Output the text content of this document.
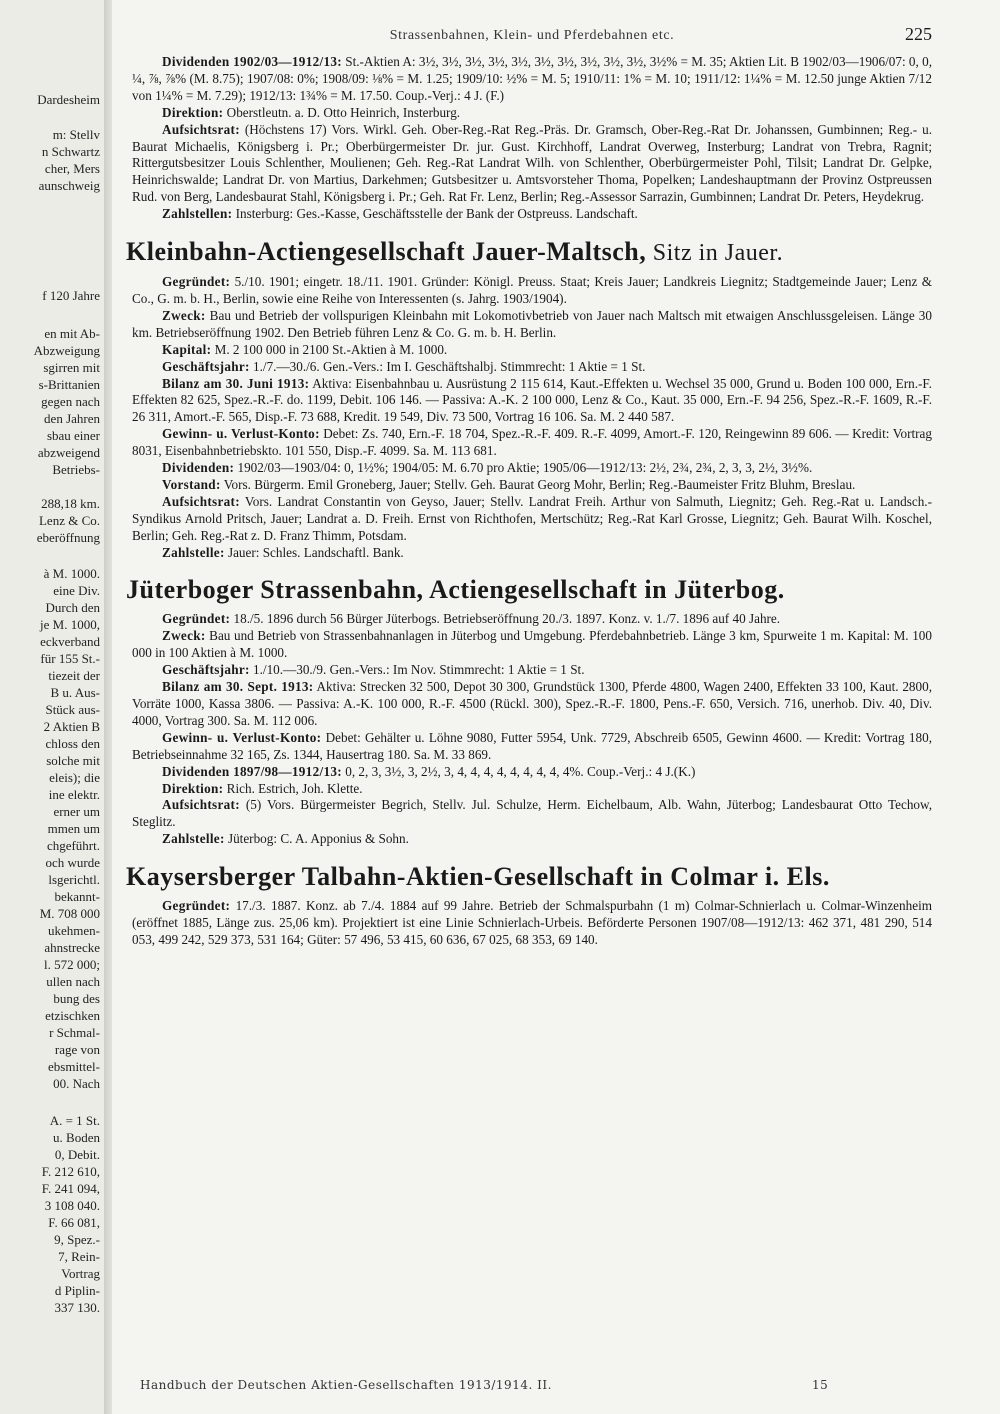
Dardesheim
m: Stellv
n Schwartz
cher, Mers
aunschweig
f 120 Jahre
en mit Ab-
Abzweigung
sgirren mit
s-Brittanien
gegen nach
den Jahren
sbau einer
abzweigend
Betriebs-
288,18 km.
Lenz & Co.
eberöffnung
à M. 1000.
eine Div.
Durch den
je M. 1000,
eckverband
für 155 St.-
tiezeit der
B u. Aus-
Stück aus-
2 Aktien B
chloss den
solche mit
eleis); die
ine elektr.
erner um
mmen um
chgeführt.
och wurde
lsgerichtl.
bekannt-
M. 708 000
ukehmen-
ahnstrecke
l. 572 000;
ullen nach
bung des
etzischken
r Schmal-
rage von
ebsmittel-
00. Nach
A. = 1 St.
u. Boden
0, Debit.
F. 212 610,
F. 241 094,
3 108 040.
F. 66 081,
9, Spez.-
7, Rein-
Vortrag
d Piplin-
337 130.
Strassenbahnen, Klein- und Pferdebahnen etc.	225

Dividenden 1902/03—1912/13: St.-Aktien A: 3½, 3½, 3½, 3½, 3½, 3½, 3½, 3½, 3½, 3½, 3½% = M. 35; Aktien Lit. B 1902/03—1906/07: 0, 0, ¼, ⅞, ⅞% (M. 8.75); 1907/08: 0%; 1908/09: ⅛% = M. 1.25; 1909/10: ½% = M. 5; 1910/11: 1% = M. 10; 1911/12: 1¼% = M. 12.50 junge Aktien 7/12 von 1¼% = M. 7.29); 1912/13: 1¾% = M. 17.50. Coup.-Verj.: 4 J. (F.)

Direktion: Oberstleutn. a. D. Otto Heinrich, Insterburg.

Aufsichtsrat: (Höchstens 17) Vors. Wirkl. Geh. Ober-Reg.-Rat Reg.-Präs. Dr. Gramsch, Ober-Reg.-Rat Dr. Johanssen, Gumbinnen; Reg.- u. Baurat Michaelis, Königsberg i. Pr.; Oberbürgermeister Dr. jur. Gust. Kirchhoff, Landrat Overweg, Insterburg; Landrat von Trebra, Ragnit; Rittergutsbesitzer Louis Schlenther, Moulienen; Geh. Reg.-Rat Landrat Wilh. von Schlenther, Oberbürgermeister Pohl, Tilsit; Landrat Dr. Gelpke, Heinrichswalde; Landrat Dr. von Martius, Darkehmen; Gutsbesitzer u. Amtsvorsteher Thoma, Popelken; Landeshauptmann der Provinz Ostpreussen Rud. von Berg, Landesbaurat Stahl, Königsberg i. Pr.; Geh. Rat Fr. Lenz, Berlin; Reg.-Assessor Sarrazin, Gumbinnen; Landrat Dr. Peters, Heydekrug.

Zahlstellen: Insterburg: Ges.-Kasse, Geschäftsstelle der Bank der Ostpreuss. Landschaft.

Kleinbahn-Actiengesellschaft Jauer-Maltsch, Sitz in Jauer.

Gegründet: 5./10. 1901; eingetr. 18./11. 1901. Gründer: Königl. Preuss. Staat; Kreis Jauer; Landkreis Liegnitz; Stadtgemeinde Jauer; Lenz & Co., G. m. b. H., Berlin, sowie eine Reihe von Interessenten (s. Jahrg. 1903/1904).

Zweck: Bau und Betrieb der vollspurigen Kleinbahn mit Lokomotivbetrieb von Jauer nach Maltsch mit etwaigen Anschlussgeleisen. Länge 30 km. Betriebseröffnung 1902. Den Betrieb führen Lenz & Co. G. m. b. H. Berlin.

Kapital: M. 2 100 000 in 2100 St.-Aktien à M. 1000.

Geschäftsjahr: 1./7.—30./6. Gen.-Vers.: Im I. Geschäftshalbj. Stimmrecht: 1 Aktie = 1 St.

Bilanz am 30. Juni 1913: Aktiva: Eisenbahnbau u. Ausrüstung 2 115 614, Kaut.-Effekten u. Wechsel 35 000, Grund u. Boden 100 000, Ern.-F. Effekten 82 625, Spez.-R.-F. do. 1199, Debit. 106 146. — Passiva: A.-K. 2 100 000, Lenz & Co., Kaut. 35 000, Ern.-F. 94 256, Spez.-R.-F. 1609, R.-F. 26 311, Amort.-F. 565, Disp.-F. 73 688, Kredit. 19 549, Div. 73 500, Vortrag 16 106. Sa. M. 2 440 587.

Gewinn- u. Verlust-Konto: Debet: Zs. 740, Ern.-F. 18 704, Spez.-R.-F. 409. R.-F. 4099, Amort.-F. 120, Reingewinn 89 606. — Kredit: Vortrag 8031, Eisenbahnbetriebskto. 101 550, Disp.-F. 4099. Sa. M. 113 681.

Dividenden: 1902/03—1903/04: 0, 1½%; 1904/05: M. 6.70 pro Aktie; 1905/06—1912/13: 2½, 2¾, 2¾, 2, 3, 3, 2½, 3½%.

Vorstand: Vors. Bürgerm. Emil Groneberg, Jauer; Stellv. Geh. Baurat Georg Mohr, Berlin; Reg.-Baumeister Fritz Bluhm, Breslau.

Aufsichtsrat: Vors. Landrat Constantin von Geyso, Jauer; Stellv. Landrat Freih. Arthur von Salmuth, Liegnitz; Geh. Reg.-Rat u. Landsch.-Syndikus Arnold Pritsch, Jauer; Landrat a. D. Freih. Ernst von Richthofen, Mertschütz; Reg.-Rat Karl Grosse, Liegnitz; Geh. Baurat Wilh. Koschel, Berlin; Geh. Reg.-Rat z. D. Franz Thimm, Potsdam.

Zahlstelle: Jauer: Schles. Landschaftl. Bank.

Jüterboger Strassenbahn, Actiengesellschaft in Jüterbog.

Gegründet: 18./5. 1896 durch 56 Bürger Jüterbogs. Betriebseröffnung 20./3. 1897. Konz. v. 1./7. 1896 auf 40 Jahre.

Zweck: Bau und Betrieb von Strassenbahnanlagen in Jüterbog und Umgebung. Pferdebahnbetrieb. Länge 3 km, Spurweite 1 m. Kapital: M. 100 000 in 100 Aktien à M. 1000.

Geschäftsjahr: 1./10.—30./9. Gen.-Vers.: Im Nov. Stimmrecht: 1 Aktie = 1 St.

Bilanz am 30. Sept. 1913: Aktiva: Strecken 32 500, Depot 30 300, Grundstück 1300, Pferde 4800, Wagen 2400, Effekten 33 100, Kaut. 2800, Vorräte 1000, Kassa 3806. — Passiva: A.-K. 100 000, R.-F. 4500 (Rückl. 300), Spez.-R.-F. 1800, Pens.-F. 650, Versich. 716, unerhob. Div. 40, Div. 4000, Vortrag 300. Sa. M. 112 006.

Gewinn- u. Verlust-Konto: Debet: Gehälter u. Löhne 9080, Futter 5954, Unk. 7729, Abschreib 6505, Gewinn 4600. — Kredit: Vortrag 180, Betriebseinnahme 32 165, Zs. 1344, Hausertrag 180. Sa. M. 33 869.

Dividenden 1897/98—1912/13: 0, 2, 3, 3½, 3, 2½, 3, 4, 4, 4, 4, 4, 4, 4, 4, 4%. Coup.-Verj.: 4 J.(K.)

Direktion: Rich. Estrich, Joh. Klette.

Aufsichtsrat: (5) Vors. Bürgermeister Begrich, Stellv. Jul. Schulze, Herm. Eichelbaum, Alb. Wahn, Jüterbog; Landesbaurat Otto Techow, Steglitz.

Zahlstelle: Jüterbog: C. A. Apponius & Sohn.

Kaysersberger Talbahn-Aktien-Gesellschaft in Colmar i. Els.

Gegründet: 17./3. 1887. Konz. ab 7./4. 1884 auf 99 Jahre. Betrieb der Schmalspurbahn (1 m) Colmar-Schnierlach u. Colmar-Winzenheim (eröffnet 1885, Länge zus. 25,06 km). Projektiert ist eine Linie Schnierlach-Urbeis. Beförderte Personen 1907/08—1912/13: 462 371, 481 290, 514 053, 499 242, 529 373, 531 164; Güter: 57 496, 53 415, 60 636, 67 025, 68 353, 69 140.

Handbuch der Deutschen Aktien-Gesellschaften 1913/1914. II.	15
